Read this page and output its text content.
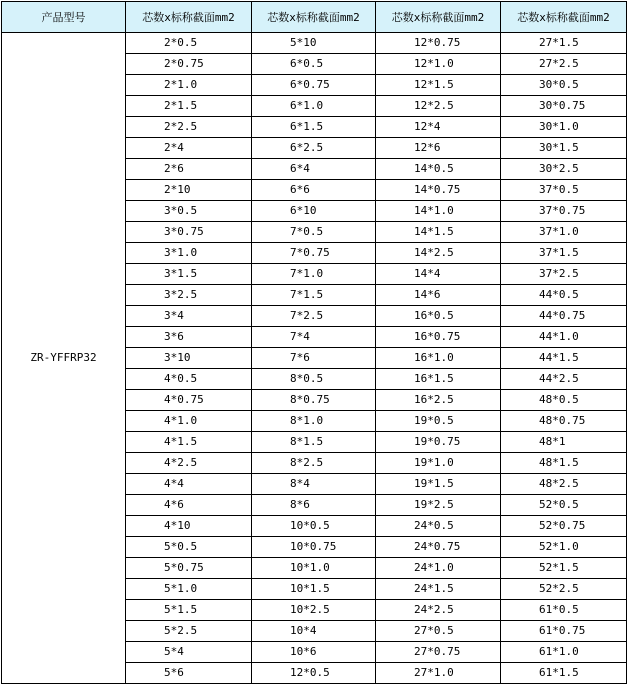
产品型号	芯数x标称截面mm2	芯数x标称截面mm2	芯数x标称截面mm2	芯数x标称截面mm2
ZR-YFFRP32	2*0.5	5*10	12*0.75	27*1.5
	2*0.75	6*0.5	12*1.0	27*2.5
	2*1.0	6*0.75	12*1.5	30*0.5
	2*1.5	6*1.0	12*2.5	30*0.75
	2*2.5	6*1.5	12*4	30*1.0
	2*4	6*2.5	12*6	30*1.5
	2*6	6*4	14*0.5	30*2.5
	2*10	6*6	14*0.75	37*0.5
	3*0.5	6*10	14*1.0	37*0.75
	3*0.75	7*0.5	14*1.5	37*1.0
	3*1.0	7*0.75	14*2.5	37*1.5
	3*1.5	7*1.0	14*4	37*2.5
	3*2.5	7*1.5	14*6	44*0.5
	3*4	7*2.5	16*0.5	44*0.75
	3*6	7*4	16*0.75	44*1.0
	3*10	7*6	16*1.0	44*1.5
	4*0.5	8*0.5	16*1.5	44*2.5
	4*0.75	8*0.75	16*2.5	48*0.5
	4*1.0	8*1.0	19*0.5	48*0.75
	4*1.5	8*1.5	19*0.75	48*1
	4*2.5	8*2.5	19*1.0	48*1.5
	4*4	8*4	19*1.5	48*2.5
	4*6	8*6	19*2.5	52*0.5
	4*10	10*0.5	24*0.5	52*0.75
	5*0.5	10*0.75	24*0.75	52*1.0
	5*0.75	10*1.0	24*1.0	52*1.5
	5*1.0	10*1.5	24*1.5	52*2.5
	5*1.5	10*2.5	24*2.5	61*0.5
	5*2.5	10*4	27*0.5	61*0.75
	5*4	10*6	27*0.75	61*1.0
	5*6	12*0.5	27*1.0	61*1.5
